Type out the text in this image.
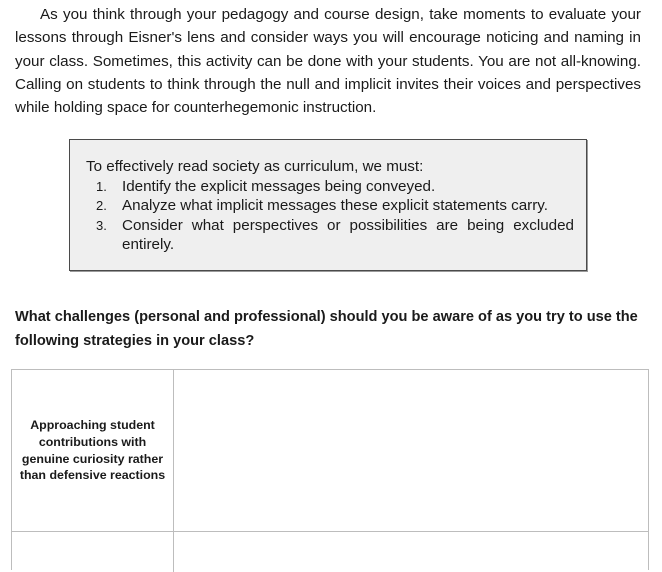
As you think through your pedagogy and course design, take moments to evaluate your lessons through Eisner's lens and consider ways you will encourage noticing and naming in your class. Sometimes, this activity can be done with your students. You are not all-knowing. Calling on students to think through the null and implicit invites their voices and perspectives while holding space for counterhegemonic instruction.

To effectively read society as curriculum, we must:

1. Identify the explicit messages being conveyed.
2. Analyze what implicit messages these explicit statements carry.
3. Consider what perspectives or possibilities are being excluded entirely.

What challenges (personal and professional) should you be aware of as you try to use the following strategies in your class?

Approaching student contributions with genuine curiosity rather than defensive reactions
